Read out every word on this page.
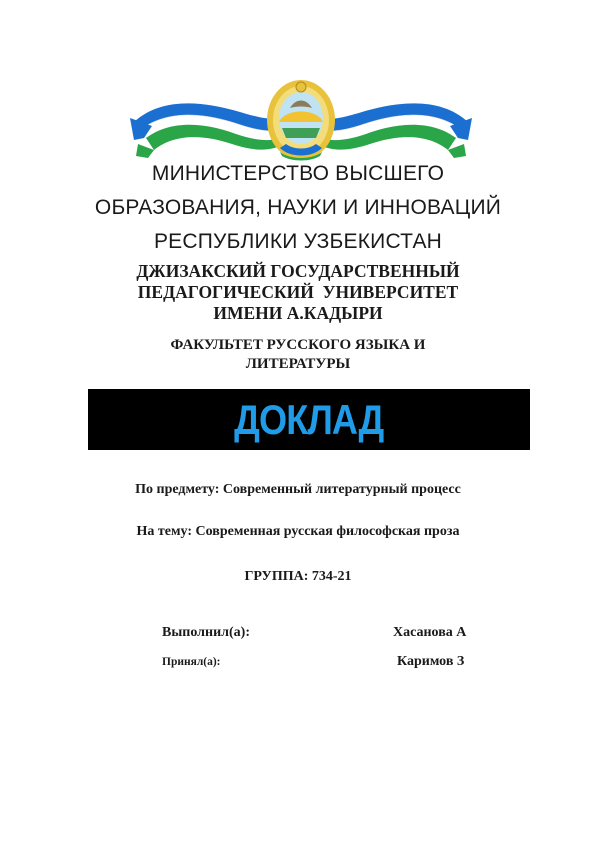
МИНИСТЕРСТВО ВЫСШЕГО
ОБРАЗОВАНИЯ, НАУКИ И ИННОВАЦИЙ
РЕСПУБЛИКИ УЗБЕКИСТАН
ДЖИЗАКСКИЙ ГОСУДАРСТВЕННЫЙ
ПЕДАГОГИЧЕСКИЙ  УНИВЕРСИТЕТ
ИМЕНИ А.КАДЫРИ
ФАКУЛЬТЕТ РУССКОГО ЯЗЫКА И
ЛИТЕРАТУРЫ
ДОКЛАД
По предмету: Современный литературный процесс
На тему: Современная русская философская проза
ГРУППА: 734-21
Выполнил(а):	Хасанова А
Принял(а):	Каримов З
